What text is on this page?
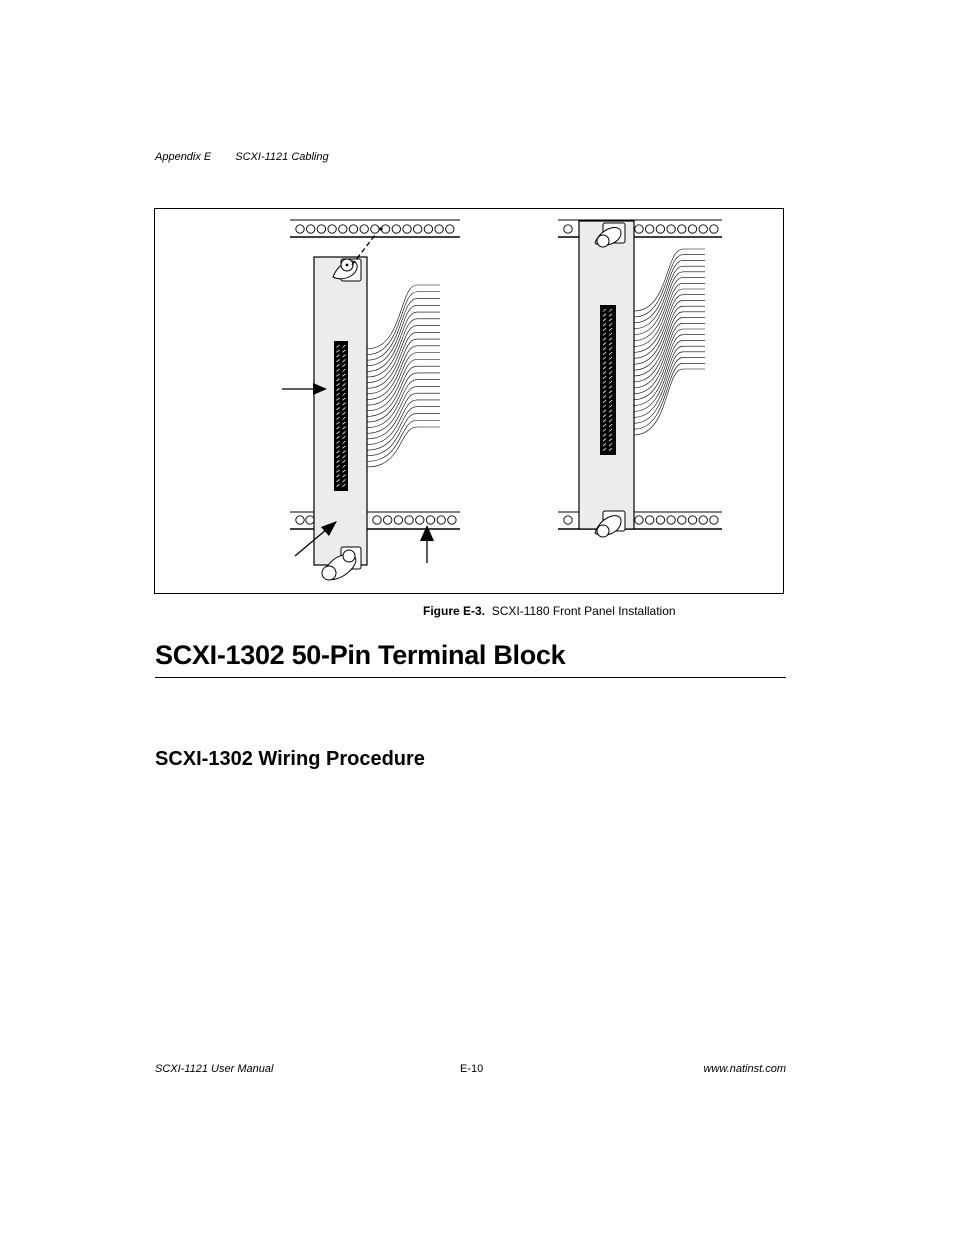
Appendix E SCXI-1121 Cabling
Figure E-3. SCXI-1180 Front Panel Installation
SCXI-1302 50-Pin Terminal Block
SCXI-1302 Wiring Procedure
SCXI-1121 User Manual	E-10	www.natinst.com
